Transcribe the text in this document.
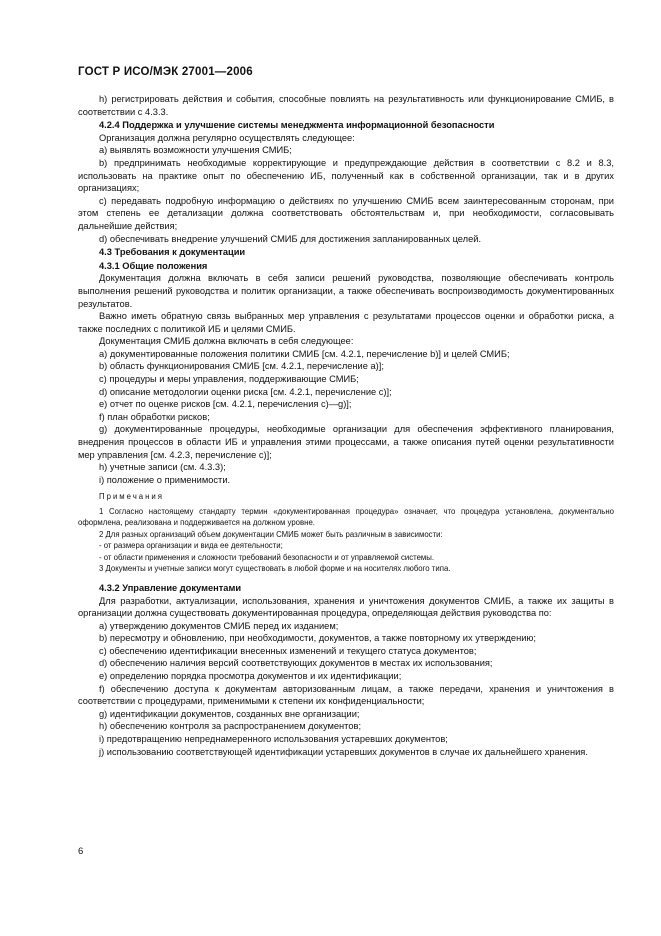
ГОСТ Р ИСО/МЭК 27001—2006

h) регистрировать действия и события, способные повлиять на результативность или функционирование СМИБ, в соответствии с 4.3.3.

4.2.4 Поддержка и улучшение системы менеджмента информационной безопасности

Организация должна регулярно осуществлять следующее:

a) выявлять возможности улучшения СМИБ;

b) предпринимать необходимые корректирующие и предупреждающие действия в соответствии с 8.2 и 8.3, использовать на практике опыт по обеспечению ИБ, полученный как в собственной организации, так и в других организациях;

c) передавать подробную информацию о действиях по улучшению СМИБ всем заинтересованным сторонам, при этом степень ее детализации должна соответствовать обстоятельствам и, при необходимости, согласовывать дальнейшие действия;

d) обеспечивать внедрение улучшений СМИБ для достижения запланированных целей.

4.3 Требования к документации

4.3.1 Общие положения

Документация должна включать в себя записи решений руководства, позволяющие обеспечивать контроль выполнения решений руководства и политик организации, а также обеспечивать воспроизводимость документированных результатов.

Важно иметь обратную связь выбранных мер управления с результатами процессов оценки и обработки риска, а также последних с политикой ИБ и целями СМИБ.

Документация СМИБ должна включать в себя следующее:

a) документированные положения политики СМИБ [см. 4.2.1, перечисление b)] и целей СМИБ;

b) область функционирования СМИБ [см. 4.2.1, перечисление a)];

c) процедуры и меры управления, поддерживающие СМИБ;

d) описание методологии оценки риска [см. 4.2.1, перечисление с)];

e) отчет по оценке рисков [см. 4.2.1, перечисления с)—g)];

f) план обработки рисков;

g) документированные процедуры, необходимые организации для обеспечения эффективного планирования, внедрения процессов в области ИБ и управления этими процессами, а также описания путей оценки результативности мер управления [см. 4.2.3, перечисление с)];

h) учетные записи (см. 4.3.3);

i) положение о применимости.

Примечания

1 Согласно настоящему стандарту термин «документированная процедура» означает, что процедура установлена, документально оформлена, реализована и поддерживается на должном уровне.

2 Для разных организаций объем документации СМИБ может быть различным в зависимости:

- от размера организации и вида ее деятельности;

- от области применения и сложности требований безопасности и от управляемой системы.

3 Документы и учетные записи могут существовать в любой форме и на носителях любого типа.

4.3.2 Управление документами

Для разработки, актуализации, использования, хранения и уничтожения документов СМИБ, а также их защиты в организации должна существовать документированная процедура, определяющая действия руководства по:

a) утверждению документов СМИБ перед их изданием;

b) пересмотру и обновлению, при необходимости, документов, а также повторному их утверждению;

c) обеспечению идентификации внесенных изменений и текущего статуса документов;

d) обеспечению наличия версий соответствующих документов в местах их использования;

e) определению порядка просмотра документов и их идентификации;

f) обеспечению доступа к документам авторизованным лицам, а также передачи, хранения и уничтожения в соответствии с процедурами, применимыми к степени их конфиденциальности;

g) идентификации документов, созданных вне организации;

h) обеспечению контроля за распространением документов;

i) предотвращению непреднамеренного использования устаревших документов;

j) использованию соответствующей идентификации устаревших документов в случае их дальнейшего хранения.

6
